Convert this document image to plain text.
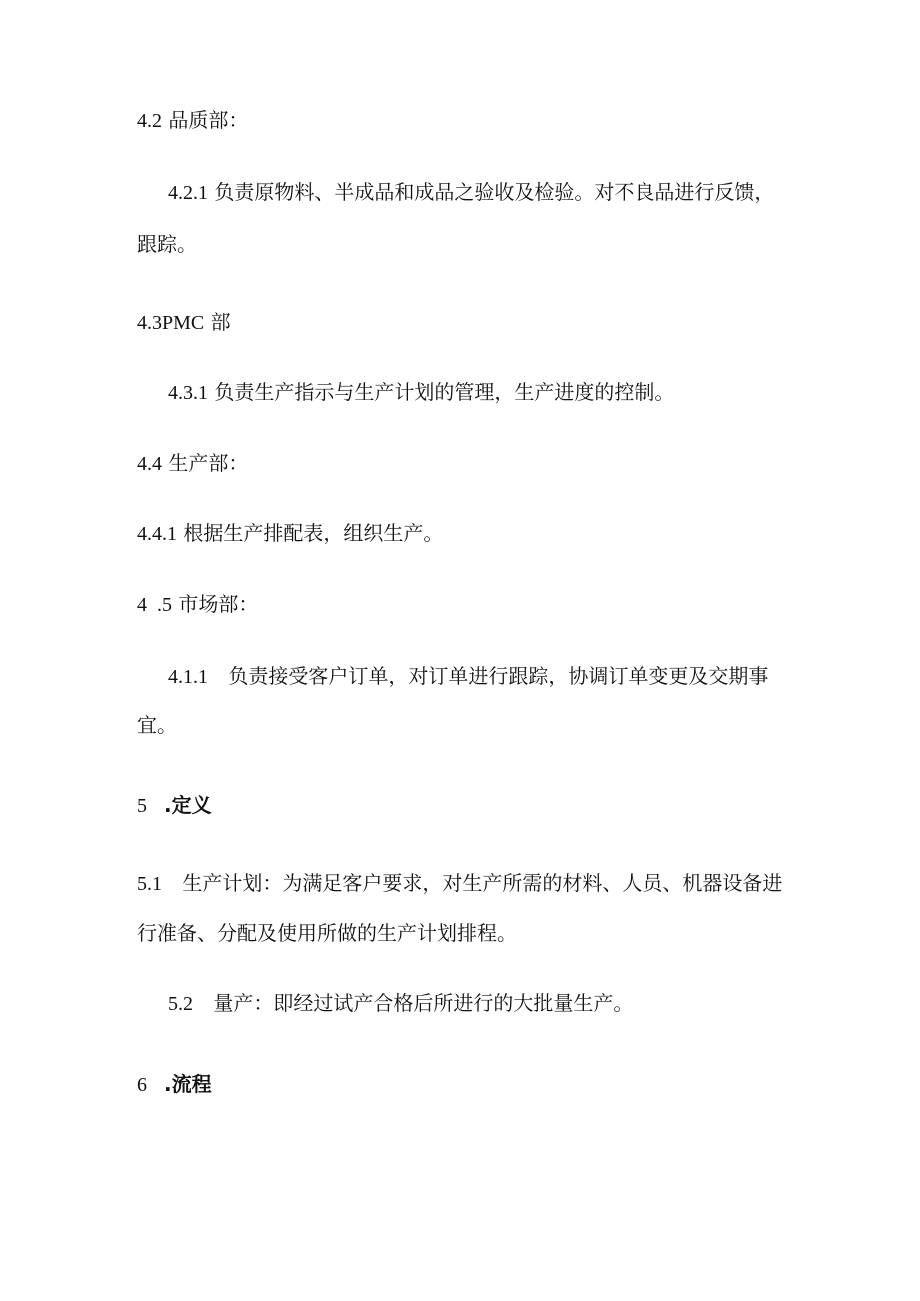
4.2 品质部：
4.2.1 负责原物料、半成品和成品之验收及检验。对不良品进行反馈，
跟踪。
4.3PMC 部
4.3.1 负责生产指示与生产计划的管理，生产进度的控制。
4.4 生产部：
4.4.1 根据生产排配表，组织生产。
4  .5 市场部：
4.1.1 负责接受客户订单，对订单进行跟踪，协调订单变更及交期事
宜。
5 .定义
5.1 生产计划：为满足客户要求，对生产所需的材料、人员、机器设备进
行准备、分配及使用所做的生产计划排程。
5.2 量产：即经过试产合格后所进行的大批量生产。
6 .流程
